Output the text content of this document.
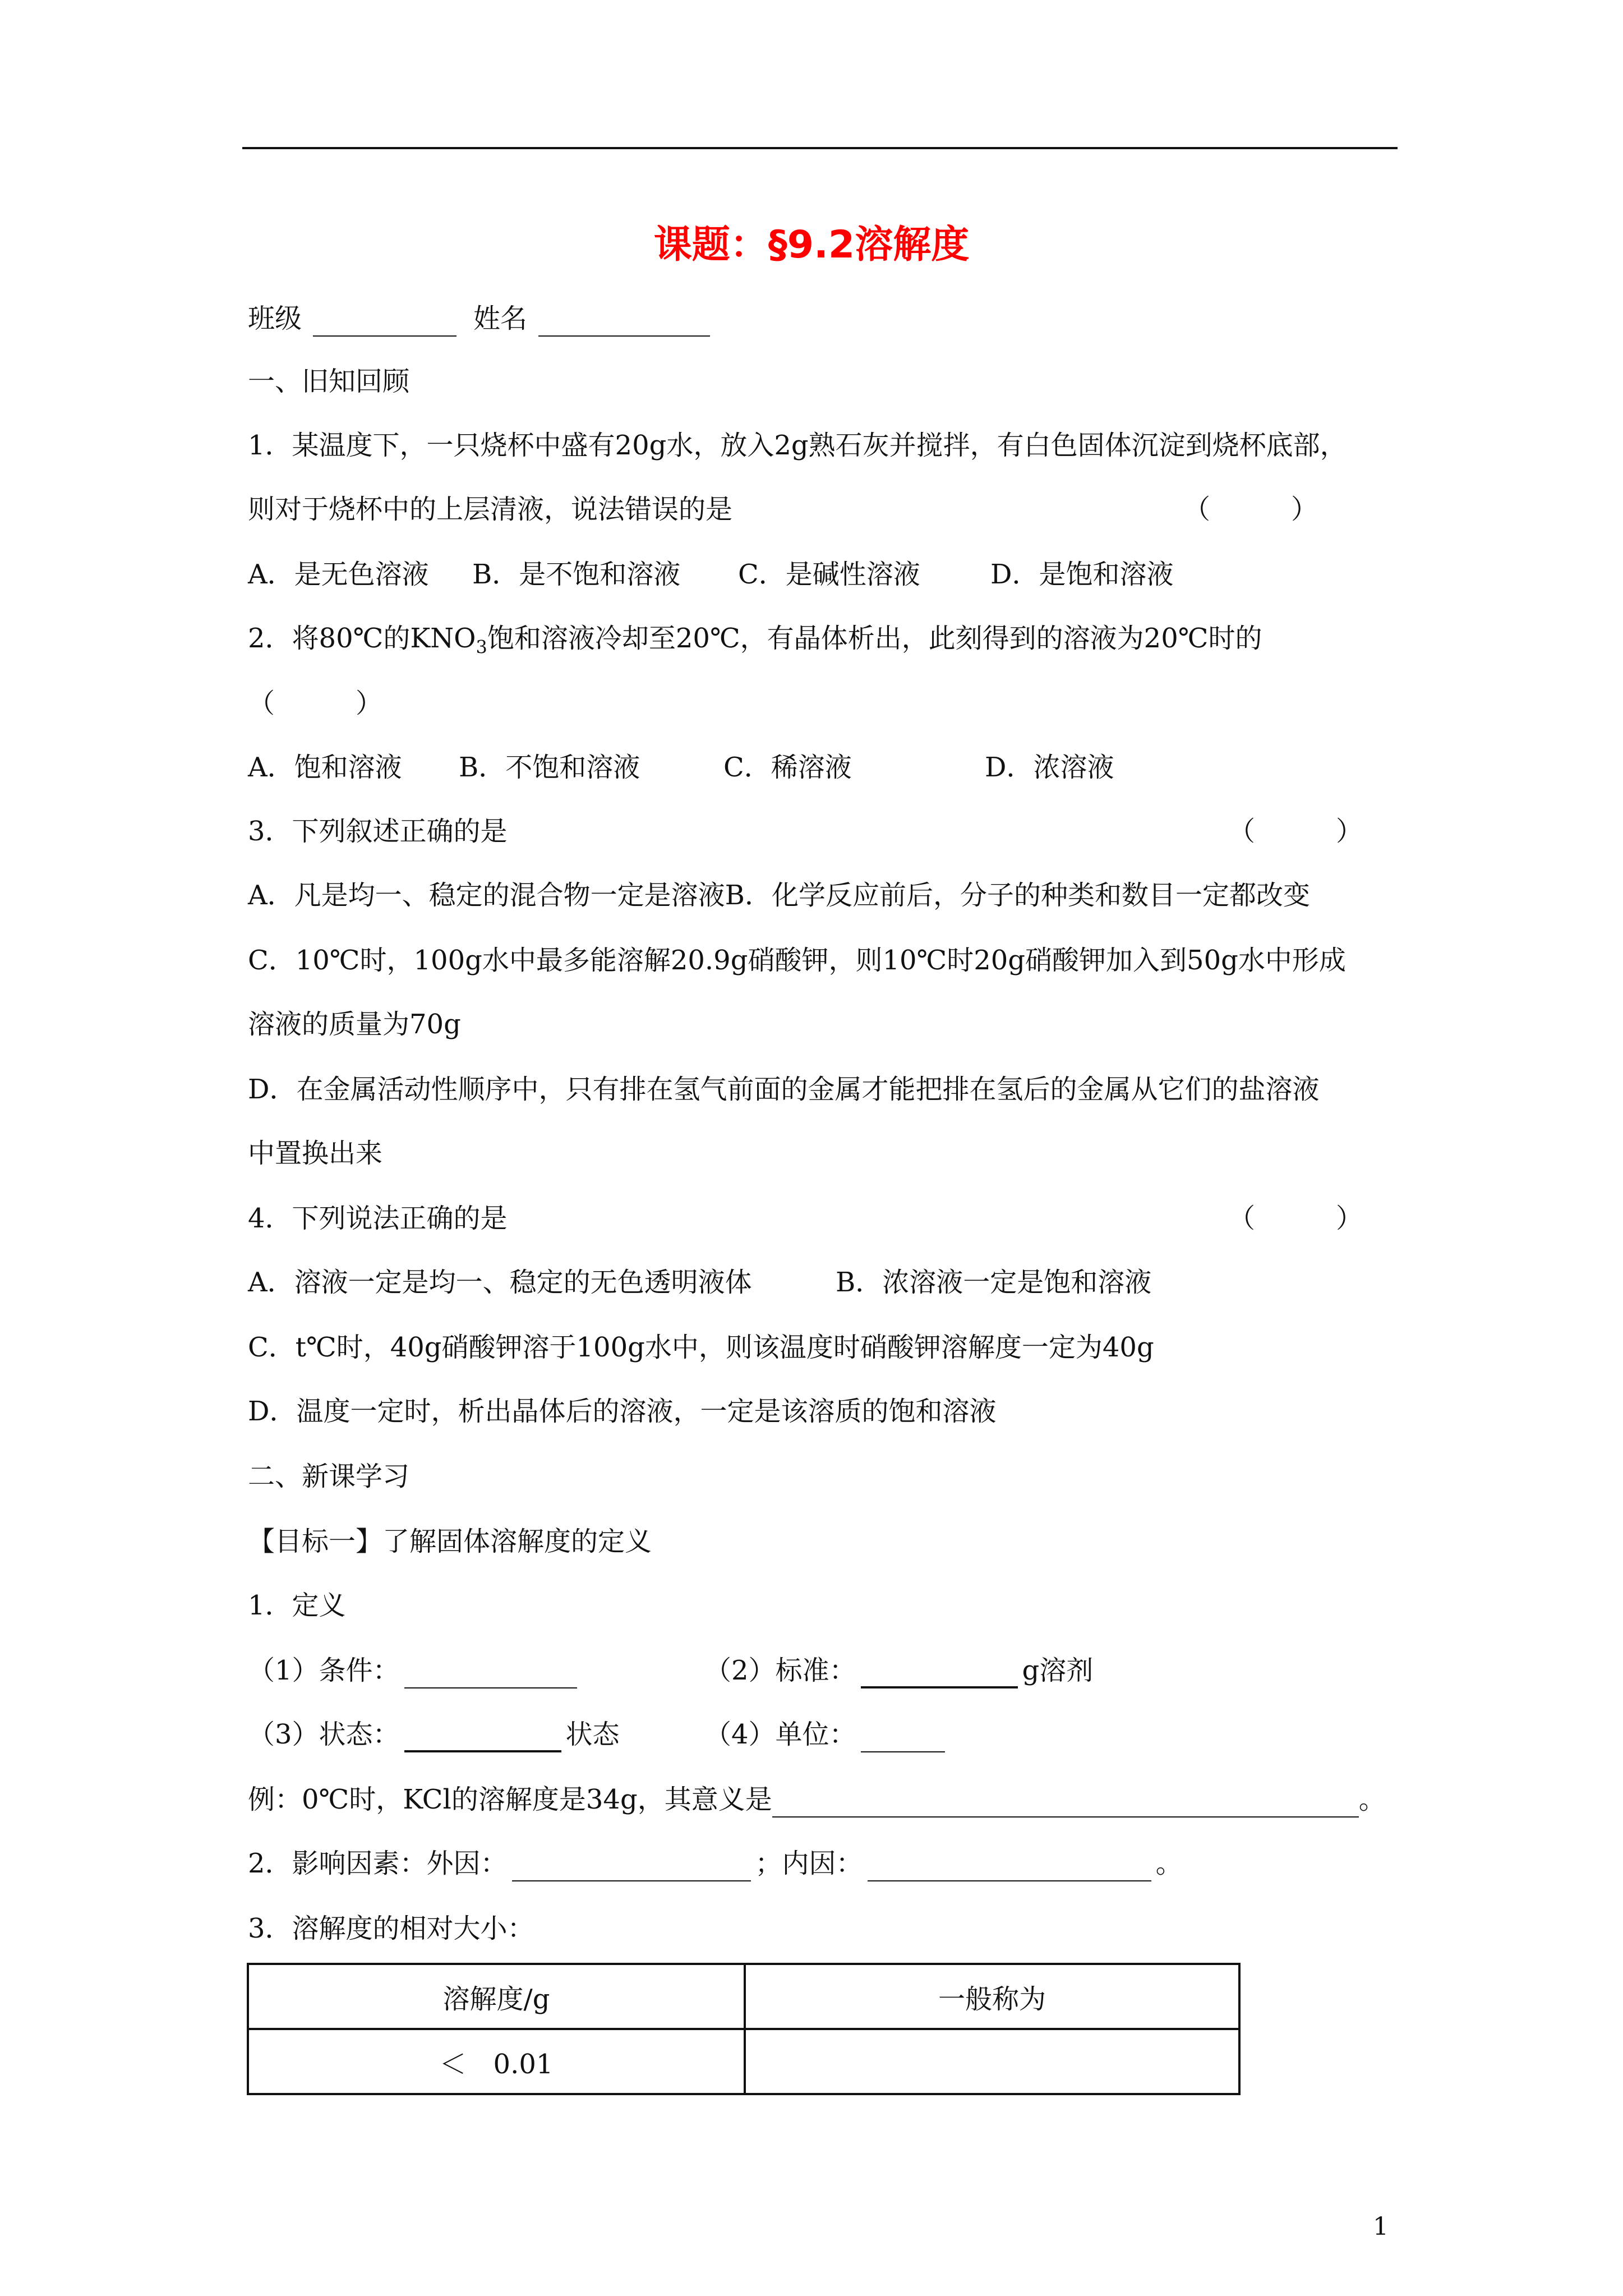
课题：§9.2溶解度
班级	姓名
一、旧知回顾
1．某温度下，一只烧杯中盛有20g水，放入2g熟石灰并搅拌，有白色固体沉淀到烧杯底部，
则对于烧杯中的上层清液，说法错误的是	（　　　）
A．是无色溶液 B．是不饱和溶液 C．是碱性溶液	D．是饱和溶液
2．将80℃的$KNO_3$饱和溶液冷却至20℃，有晶体析出，此刻得到的溶液为20℃时的
（　　　）
A．饱和溶液 B．不饱和溶液	C．稀溶液	D．浓溶液
3．下列叙述正确的是	（　　　）
A．凡是均一、稳定的混合物一定是溶液B．化学反应前后，分子的种类和数目一定都改变
C．10℃时，100g水中最多能溶解20.9g硝酸钾，则10℃时20g硝酸钾加入到50g水中形成
溶液的质量为70g
D．在金属活动性顺序中，只有排在氢气前面的金属才能把排在氢后的金属从它们的盐溶液
中置换出来
4．下列说法正确的是	（　　　）
A．溶液一定是均一、稳定的无色透明液体	B．浓溶液一定是饱和溶液
C．t℃时，40g硝酸钾溶于100g水中，则该温度时硝酸钾溶解度一定为40g
D．温度一定时，析出晶体后的溶液，一定是该溶质的饱和溶液
二、新课学习
【目标一】了解固体溶解度的定义
1．定义
（1）条件：	（2）标准：	g溶剂
（3）状态：	状态	（4）单位：
例：0℃时，KCl的溶解度是34g，其意义是	。
2．影响因素：外因：	；内因：	。
3．溶解度的相对大小：
溶解度/g	一般称为
＜　0.01	
1
